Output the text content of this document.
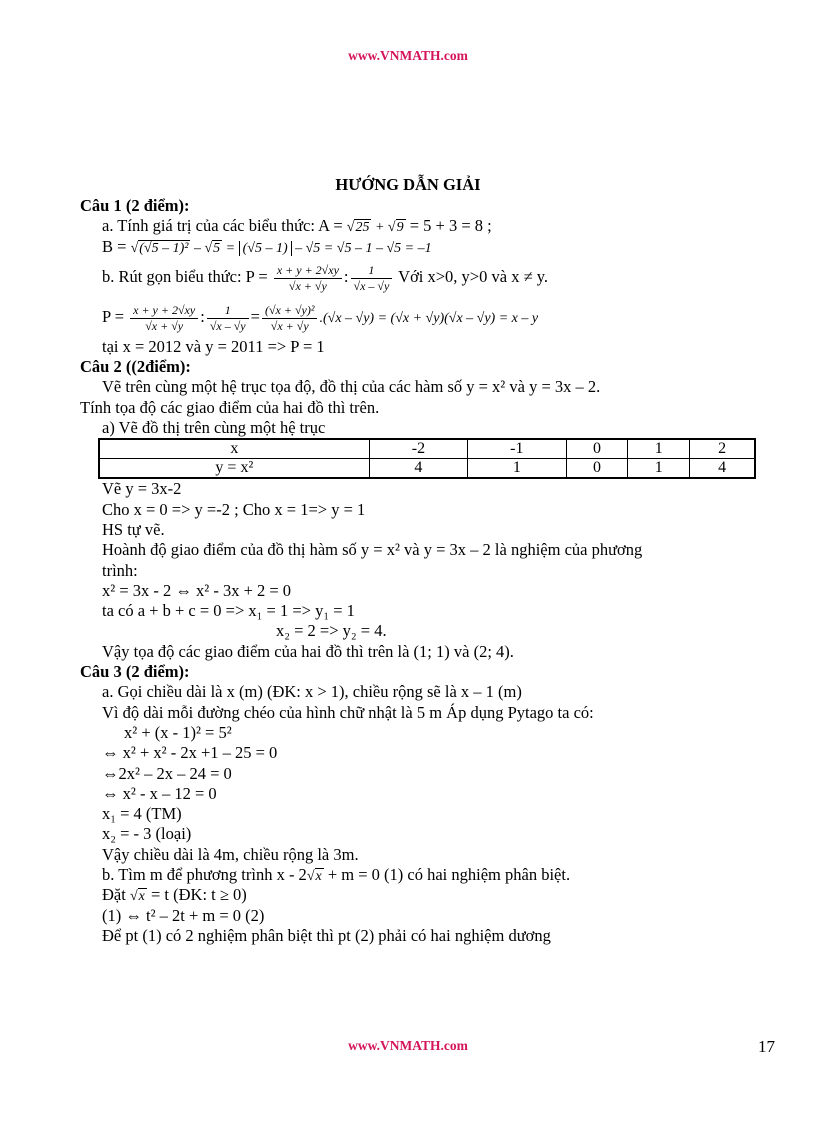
www.VNMATH.com
HƯỚNG DẪN GIẢI
Câu 1 (2 điểm):
a. Tính giá trị của các biểu thức: A = √25 + √9 = 5 + 3 = 8 ;
B = √(√5 – 1)² – √5 = (√5 – 1) – √5 = √5 – 1 – √5 = –1
b. Rút gọn biểu thức: $P = \frac{x + y + 2√xy}{√x + √y}$ : $\frac{1}{√x - √y}$ Với x>0, y>0 và x ≠ y.
$P = \frac{x + y + 2√xy}{√x + √y}$ : $\frac{1}{√x - √y} = \frac{\text{(√x + √y)²}}{√x + √y} .(√x - √y) = (√x + √y)(√x - √y) = x - y$
tại x = 2012 và y = 2011 => P = 1
Câu 2 ((2điểm):
Vẽ trên cùng một hệ trục tọa độ, đồ thị của các hàm số y = x² và y = 3x – 2.
Tính tọa độ các giao điểm của hai đồ thì trên.
a) Vẽ đồ thị trên cùng một hệ trục
x	-2	-1	0	1	2
y = x²	4	1	0	1	4
Vẽ y = 3x-2
Cho x = 0 => y =-2 ; Cho x = 1=> y = 1
HS tự vẽ.
Hoành độ giao điểm của đồ thị hàm số y = x² và y = 3x – 2 là nghiệm của phương
trình:
x² = 3x - 2 ⇔ x² - 3x + 2 = 0
ta có a + b + c = 0 => x₁ = 1 => y₁ = 1
x₂ = 2 => y₂ = 4.
Vậy tọa độ các giao điểm của hai đồ thì trên là (1; 1) và (2; 4).
Câu 3 (2 điểm):
a. Gọi chiều dài là x (m) (ĐK: x > 1), chiều rộng sẽ là x – 1 (m)
Vì độ dài mỗi đường chéo của hình chữ nhật là 5 m Áp dụng Pytago ta có:
x² + (x - 1)² = 5²
⇔ x² + x² - 2x +1 – 25 = 0
⇔2x² – 2x – 24 = 0
⇔ x² - x – 12 = 0
x₁ = 4 (TM)
x₂ = - 3 (loại)
Vậy chiều dài là 4m, chiều rộng là 3m.
b. Tìm m để phương trình x - 2√x + m = 0 (1) có hai nghiệm phân biệt.
Đặt √x = t (ĐK: t ≥ 0)
(1) ⇔ t² – 2t + m = 0 (2)
Để pt (1) có 2 nghiệm phân biệt thì pt (2) phải có hai nghiệm dương
www.VNMATH.com	17
